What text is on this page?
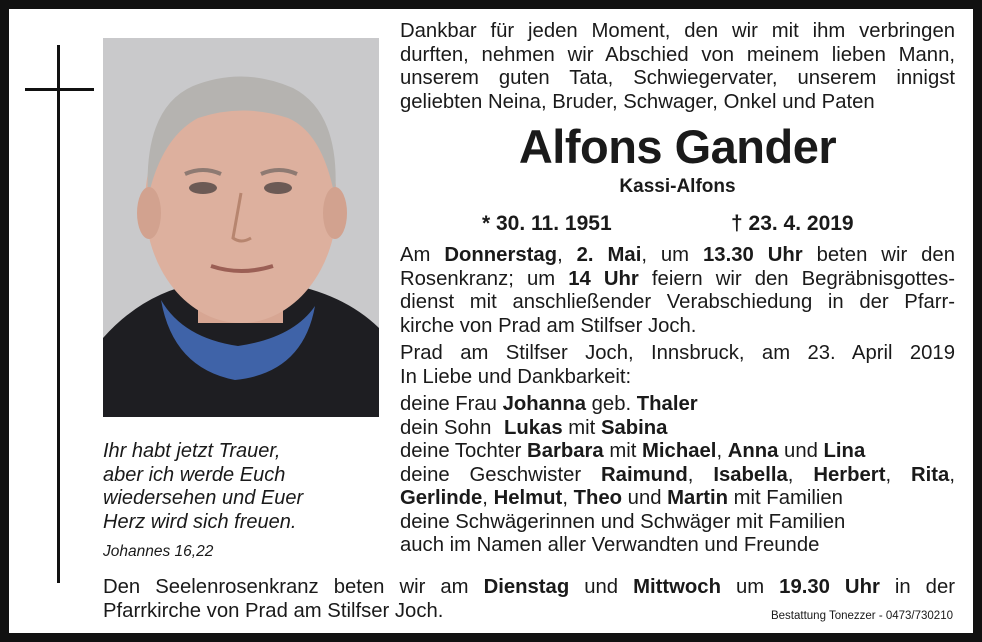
Dankbar für jeden Moment, den wir mit ihm verbringen
durften, nehmen wir Abschied von meinem lieben Mann,
unserem guten Tata, Schwiegervater, unserem innigst
geliebten Neina, Bruder, Schwager, Onkel und Paten
Alfons Gander
Kassi-Alfons
* 30. 11. 1951	† 23. 4. 2019
Am Donnerstag, 2. Mai, um 13.30 Uhr beten wir den
Rosenkranz; um 14 Uhr feiern wir den Begräbnisgottes-
dienst mit anschließender Verabschiedung in der Pfarr-
kirche von Prad am Stilfser Joch.
Prad am Stilfser Joch, Innsbruck, am 23. April 2019
In Liebe und Dankbarkeit:
deine Frau Johanna geb. Thaler
dein Sohn Lukas mit Sabina
deine Tochter Barbara mit Michael, Anna und Lina
deine Geschwister Raimund, Isabella, Herbert, Rita,
Gerlinde, Helmut, Theo und Martin mit Familien
deine Schwägerinnen und Schwäger mit Familien
auch im Namen aller Verwandten und Freunde
Ihr habt jetzt Trauer,
aber ich werde Euch
wiedersehen und Euer
Herz wird sich freuen.
Johannes 16,22
Den Seelenrosenkranz beten wir am Dienstag und Mittwoch um 19.30 Uhr in der
Pfarrkirche von Prad am Stilfser Joch.	Bestattung Tonezzer - 0473/730210
